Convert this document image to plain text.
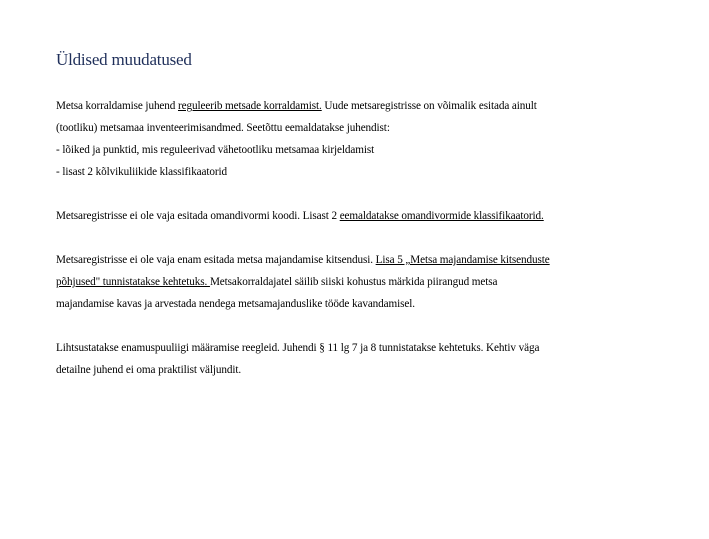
Üldised muudatused
Metsa korraldamise juhend reguleerib metsade korraldamist. Uude metsaregistrisse on võimalik esitada ainult
(tootliku) metsamaa inventeerimisandmed. Seetõttu eemaldatakse juhendist:
- lõiked ja punktid, mis reguleerivad vähetootliku metsamaa kirjeldamist
- lisast 2 kõlvikuliikide klassifikaatorid
Metsaregistrisse ei ole vaja esitada omandivormi koodi. Lisast 2 eemaldatakse omandivormide klassifikaatorid.
Metsaregistrisse ei ole vaja enam esitada metsa majandamise kitsendusi. Lisa 5 „Metsa majandamise kitsenduste
põhjused" tunnistatakse kehtetuks. Metsakorraldajatel säilib siiski kohustus märkida piirangud metsa
majandamise kavas ja arvestada nendega metsamajanduslike tööde kavandamisel.
Lihtsustatakse enamuspuuliigi määramise reegleid. Juhendi § 11 lg 7 ja 8 tunnistatakse kehtetuks. Kehtiv väga
detailne juhend ei oma praktilist väljundit.
